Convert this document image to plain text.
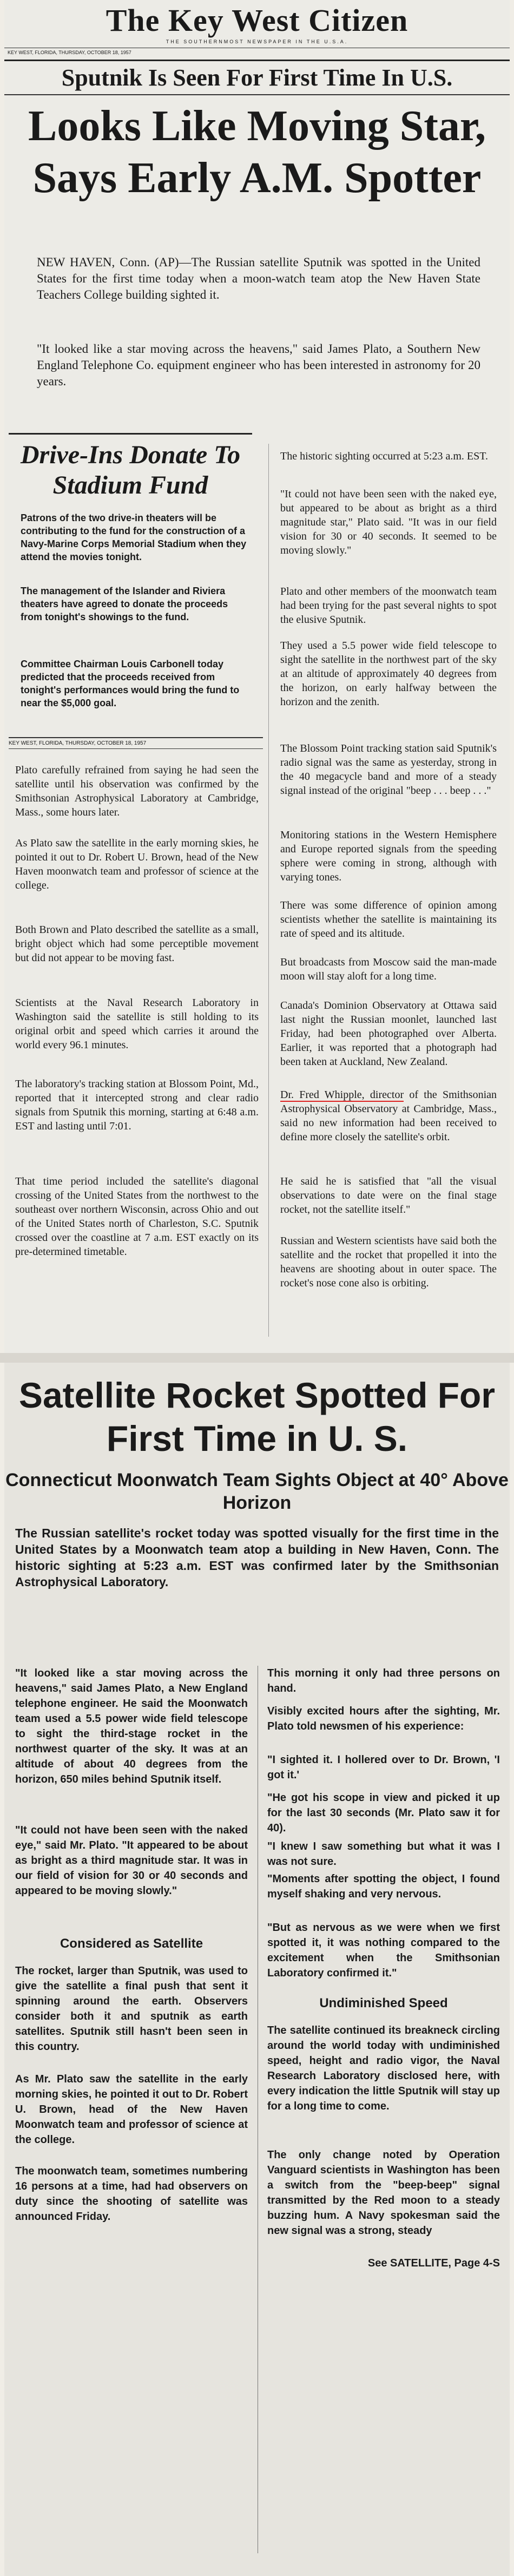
The Key West Citizen

THE SOUTHERNMOST NEWSPAPER IN THE U.S.A.
KEY WEST, FLORIDA, THURSDAY, OCTOBER 18, 1957
Sputnik Is Seen For First Time In U.S.
Looks Like Moving Star, Says Early A.M. Spotter
NEW HAVEN, Conn. (AP)—The Russian satellite Sputnik was spotted in the United States for the first time today when a moon-watch team atop the New Haven State Teachers College building sighted it.
"It looked like a star moving across the heavens," said James Plato, a Southern New England Telephone Co. equipment engineer who has been interested in astronomy for 20 years.
Drive-Ins Donate To Stadium Fund
Patrons of the two drive-in theaters will be contributing to the fund for the construction of a Navy-Marine Corps Memorial Stadium when they attend the movies tonight.
The management of the Islander and Riviera theaters have agreed to donate the proceeds from tonight's showings to the fund.
Committee Chairman Louis Carbonell today predicted that the proceeds received from tonight's performances would bring the fund to near the $5,000 goal.
KEY WEST, FLORIDA, THURSDAY, OCTOBER 18, 1957
The historic sighting occurred at 5:23 a.m. EST.
"It could not have been seen with the naked eye, but appeared to be about as bright as a third magnitude star," Plato said. "It was in our field vision for 30 or 40 seconds. It seemed to be moving slowly."
Plato and other members of the moonwatch team had been trying for the past several nights to spot the elusive Sputnik.
They used a 5.5 power wide field telescope to sight the satellite in the northwest part of the sky at an altitude of approximately 40 degrees from the horizon, on early halfway between the horizon and the zenith.
The Blossom Point tracking station said Sputnik's radio signal was the same as yesterday, strong in the 40 megacycle band and more of a steady signal instead of the original "beep . . . beep . . ."
Monitoring stations in the Western Hemisphere and Europe reported signals from the speeding sphere were coming in strong, although with varying tones.
There was some difference of opinion among scientists whether the satellite is maintaining its rate of speed and its altitude.
But broadcasts from Moscow said the man-made moon will stay aloft for a long time.
Canada's Dominion Observatory at Ottawa said last night the Russian moonlet, launched last Friday, had been photographed over Alberta. Earlier, it was reported that a photograph had been taken at Auckland, New Zealand.
Dr. Fred Whipple, director of the Smithsonian Astrophysical Observatory at Cambridge, Mass., said no new information had been received to define more closely the satellite's orbit.
He said he is satisfied that "all the visual observations to date were on the final stage rocket, not the satellite itself."
Russian and Western scientists have said both the satellite and the rocket that propelled it into the heavens are shooting about in outer space. The rocket's nose cone also is orbiting.
Plato carefully refrained from saying he had seen the satellite until his observation was confirmed by the Smithsonian Astrophysical Laboratory at Cambridge, Mass., some hours later.
As Plato saw the satellite in the early morning skies, he pointed it out to Dr. Robert U. Brown, head of the New Haven moonwatch team and professor of science at the college.
Both Brown and Plato described the satellite as a small, bright object which had some perceptible movement but did not appear to be moving fast.
Scientists at the Naval Research Laboratory in Washington said the satellite is still holding to its original orbit and speed which carries it around the world every 96.1 minutes.
The laboratory's tracking station at Blossom Point, Md., reported that it intercepted strong and clear radio signals from Sputnik this morning, starting at 6:48 a.m. EST and lasting until 7:01.
That time period included the satellite's diagonal crossing of the United States from the northwest to the southeast over northern Wisconsin, across Ohio and out of the United States north of Charleston, S.C. Sputnik crossed over the coastline at 7 a.m. EST exactly on its pre-determined timetable.
Satellite Rocket Spotted For First Time in U. S.
Connecticut Moonwatch Team Sights Object at 40° Above Horizon
The Russian satellite's rocket today was spotted visually for the first time in the United States by a Moonwatch team atop a building in New Haven, Conn. The historic sighting at 5:23 a.m. EST was confirmed later by the Smithsonian Astrophysical Laboratory.
"It looked like a star moving across the heavens," said James Plato, a New England telephone engineer. He said the Moonwatch team used a 5.5 power wide field telescope to sight the third-stage rocket in the northwest quarter of the sky. It was at an altitude of about 40 degrees from the horizon, 650 miles behind Sputnik itself.
"It could not have been seen with the naked eye," said Mr. Plato. "It appeared to be about as bright as a third magnitude star. It was in our field of vision for 30 or 40 seconds and appeared to be moving slowly."
Considered as Satellite
The rocket, larger than Sputnik, was used to give the satellite a final push that sent it spinning around the earth. Observers consider both it and sputnik as earth satellites. Sputnik still hasn't been seen in this country.
As Mr. Plato saw the satellite in the early morning skies, he pointed it out to Dr. Robert U. Brown, head of the New Haven Moonwatch team and professor of science at the college.
The moonwatch team, sometimes numbering 16 persons at a time, had had observers on duty since the shooting of satellite was announced Friday.
This morning it only had three persons on hand.
Visibly excited hours after the sighting, Mr. Plato told newsmen of his experience:
"I sighted it. I hollered over to Dr. Brown, 'I got it.'
"He got his scope in view and picked it up for the last 30 seconds (Mr. Plato saw it for 40).
"I knew I saw something but what it was I was not sure.
"Moments after spotting the object, I found myself shaking and very nervous.
"But as nervous as we were when we first spotted it, it was nothing compared to the excitement when the Smithsonian Laboratory confirmed it."
Undiminished Speed
The satellite continued its breakneck circling around the world today with undiminished speed, height and radio vigor, the Naval Research Laboratory disclosed here, with every indication the little Sputnik will stay up for a long time to come.
The only change noted by Operation Vanguard scientists in Washington has been a switch from the "beep-beep" signal transmitted by the Red moon to a steady buzzing hum. A Navy spokesman said the new signal was a strong, steady
See SATELLITE, Page 4-S
